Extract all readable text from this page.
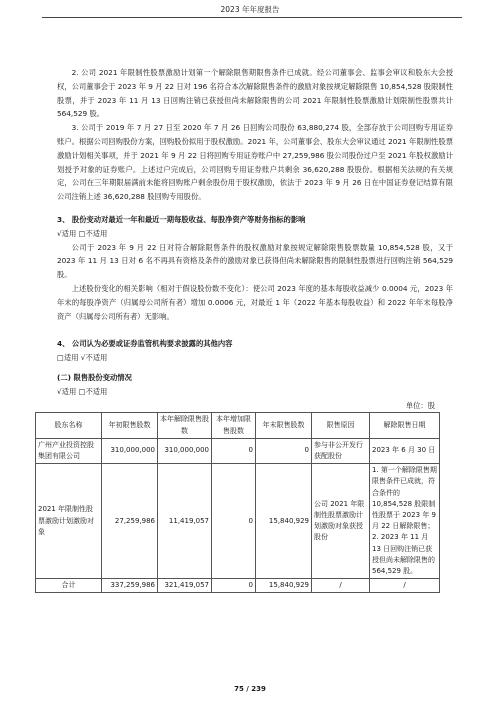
2023 年年度报告

2. 公司 2021 年限制性股票激励计划第一个解除限售期限售条件已成就。经公司董事会、监事会审议和股东大会授权，公司董事会于 2023 年 9 月 22 日对 196 名符合本次解除限售条件的激励对象按规定解除限售 10,854,528 股限制性股票，并于 2023 年 11 月 13 日回购注销已获授但尚未解除限售的公司 2021 年限制性股票激励计划限制性股票共计 564,529 股。

3. 公司于 2019 年 7 月 27 日至 2020 年 7 月 26 日回购公司股份 63,880,274 股，全部存放于公司回购专用证券账户。根据公司回购股份方案，回购股份拟用于股权激励。2021 年，公司董事会、股东大会审议通过 2021 年限制性股票激励计划相关事项，并于 2021 年 9 月 22 日将回购专用证券账户中 27,259,986 股公司股份过户至 2021 年股权激励计划授予对象的证券账户。上述过户完成后，公司回购专用证券账户共剩余 36,620,288 股股份。根据相关法规的有关规定，公司在三年期限届满前未能将回购账户剩余股份用于股权激励，依法于 2023 年 9 月 26 日在中国证券登记结算有限公司注销上述 36,620,288 股回购专用股份。

3、 股份变动对最近一年和最近一期每股收益、每股净资产等财务指标的影响

√适用 □不适用

公司于 2023 年 9 月 22 日对符合解除限售条件的股权激励对象按规定解除限售股票数量 10,854,528 股，又于 2023 年 11 月 13 日对 6 名不再具有资格及条件的激励对象已获得但尚未解除限售的限制性股票进行回购注销 564,529 股。

上述股份变化的相关影响（相对于假设股份数不变化）：使公司 2023 年度的基本每股收益减少 0.0004 元，2023 年年末的每股净资产（归属母公司所有者）增加 0.0006 元，对最近 1 年（2022 年基本每股收益）和 2022 年年末每股净资产（归属母公司所有者）无影响。

4、 公司认为必要或证券监管机构要求披露的其他内容

□适用 √不适用

(二) 限售股份变动情况

√适用 □不适用

单位：股

股东名称	年初限售股数	本年解除限售股数	本年增加限售股数	年末限售股数	限售原因	解除限售日期
广州产业投资控股集团有限公司	310,000,000	310,000,000	0	0	参与非公开发行获配股份	2023 年 6 月 30 日
2021 年限制性股票激励计划激励对象	27,259,986	11,419,057	0	15,840,929	公司 2021 年限制性股票激励计划激励对象获授股份	1. 第一个解除限售期限售条件已成就，符合条件的 10,854,528 股限制性股票于 2023 年 9 月 22 日解除限售；2. 2023 年 11 月 13 日回购注销已获授但尚未解除限售的 564,529 股。
合计	337,259,986	321,419,057	0	15,840,929	/	/
75 / 239
